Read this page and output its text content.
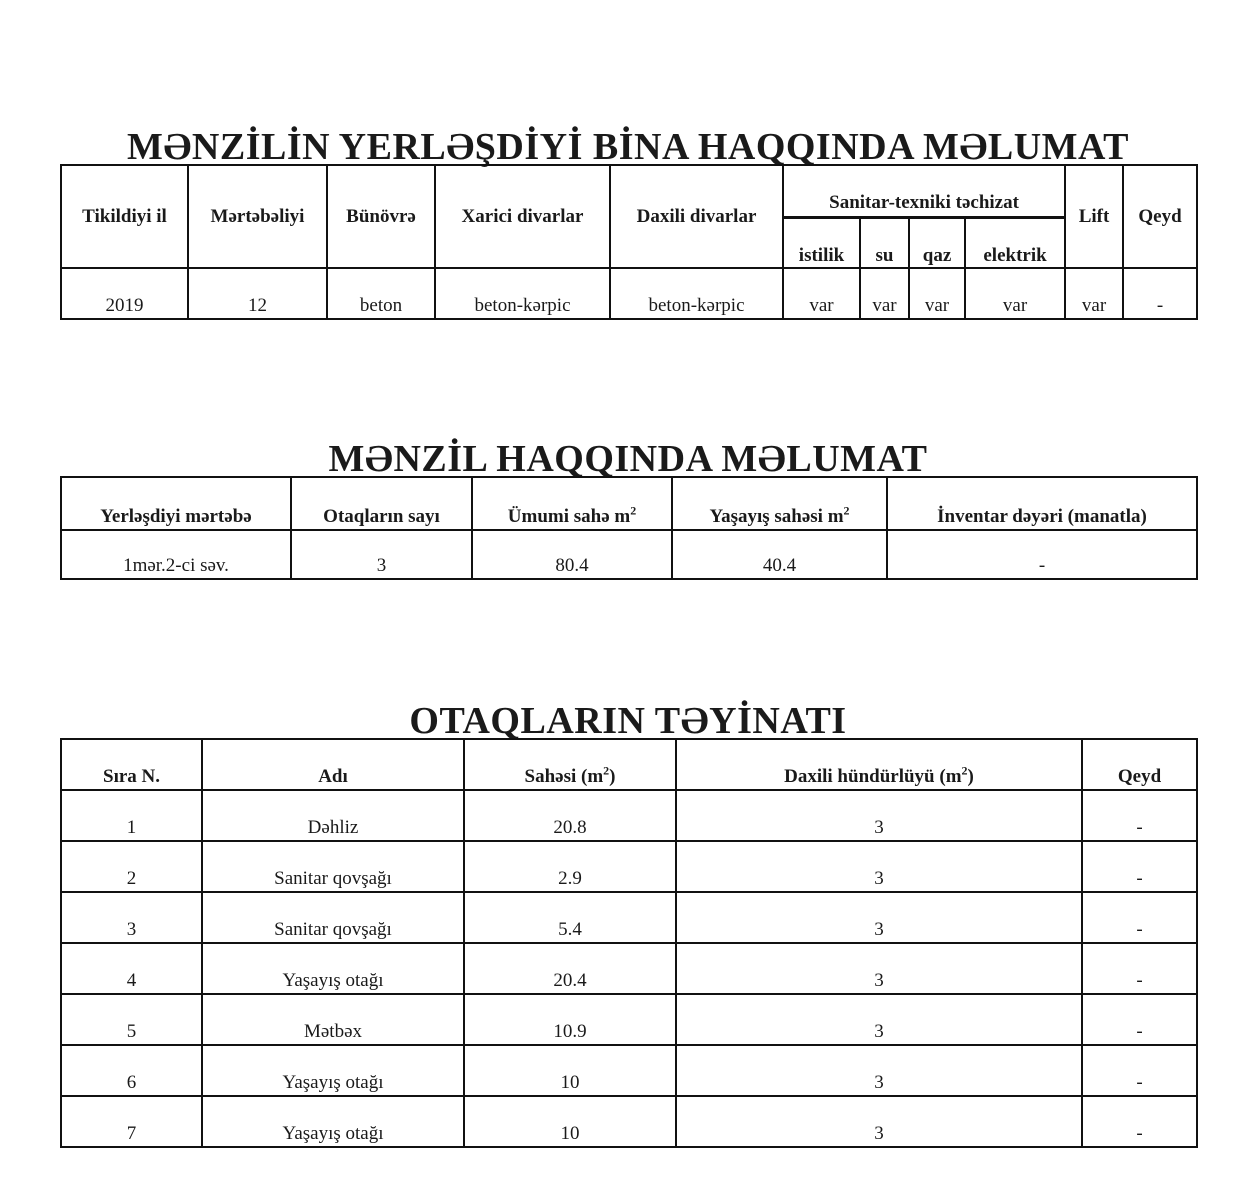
MƏNZİLİN YERLƏŞDİYİ BİNA HAQQINDA MƏLUMAT
Tikildiyi il	Mərtəbəliyi	Bünövrə	Xarici divarlar	Daxili divarlar	Sanitar-texniki təchizat				Lift	Qeyd
					istilik	su	qaz	elektrik		
2019	12	beton	beton-kərpic	beton-kərpic	var	var	var	var	var	-
MƏNZİL HAQQINDA MƏLUMAT
Yerləşdiyi mərtəbə	Otaqların sayı	Ümumi sahə $m^2$	Yaşayış sahəsi $m^2$	İnventar dəyəri (manatla)
1mər.2-ci səv.	3	80.4	40.4	-
OTAQLARIN TƏYİNATI
Sıra N.	Adı	Sahəsi $(m^2)$	Daxili hündürlüyü $(m^2)$	Qeyd
1	Dəhliz	20.8	3	-
2	Sanitar qovşağı	2.9	3	-
3	Sanitar qovşağı	5.4	3	-
4	Yaşayış otağı	20.4	3	-
5	Mətbəx	10.9	3	-
6	Yaşayış otağı	10	3	-
7	Yaşayış otağı	10	3	-
